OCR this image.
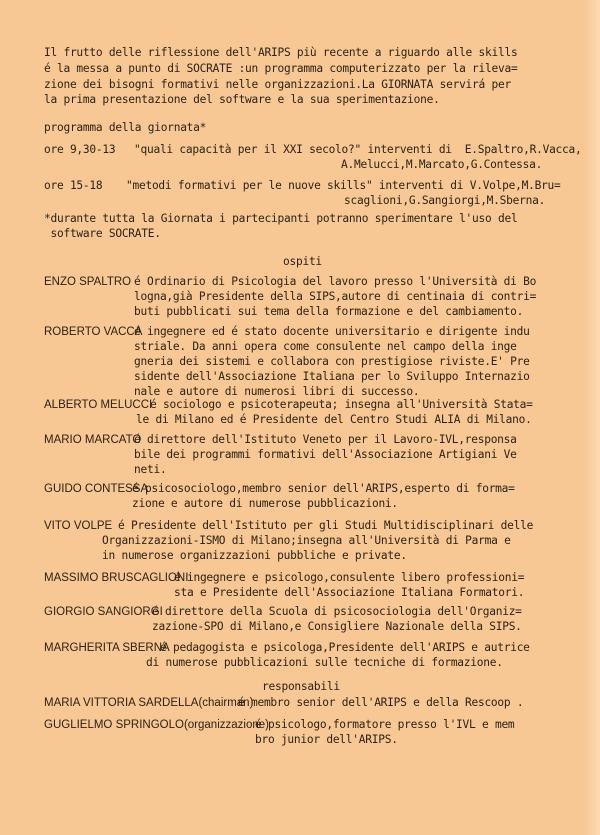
Il frutto delle riflessione dell'ARIPS più recente a riguardo alle skills
é la messa a punto di SOCRATE :un programma computerizzato per la rileva=
zione dei bisogni formativi nelle organizzazioni.La GIORNATA servirá per
la prima presentazione del software e la sua sperimentazione.
programma della giornata*
ore 9,30-13 "quali capacità per il XXI secolo?" interventi di  E.Spaltro,R.Vacca,
A.Melucci,M.Marcato,G.Contessa.
ore 15-18 "metodi formativi per le nuove skills" interventi di V.Volpe,M.Bru=
scaglioni,G.Sangiorgi,M.Sberna.
*durante tutta la Giornata i partecipanti potranno sperimentare l'uso del
software SOCRATE.
ospiti
ENZO SPALTRO é Ordinario di Psicologia del lavoro presso l'Università di Bo
logna,già Presidente della SIPS,autore di centinaia di contri=
buti pubblicati sui tema della formazione e del cambiamento.
ROBERTO VACCA
é ingegnere ed é stato docente universitario e dirigente indu
striale. Da anni opera come consulente nel campo della inge
gneria dei sistemi e collabora con prestigiose riviste.E' Pre
sidente dell'Associazione Italiana per lo Sviluppo Internazio
nale e autore di numerosi libri di successo.
ALBERTO MELUCCI
é sociologo e psicoterapeuta; insegna all'Università Stata=
le di Milano ed é Presidente del Centro Studi ALIA di Milano.
MARIO MARCATO
é direttore dell'Istituto Veneto per il Lavoro-IVL,responsa
bile dei programmi formativi dell'Associazione Artigiani Ve
neti.
GUIDO CONTESSA
é psicosociologo,membro senior dell'ARIPS,esperto di forma=
zione e autore di numerose pubblicazioni.
VITO VOLPE é Presidente dell'Istituto per gli Studi Multidisciplinari delle
Organizzazioni-ISMO di Milano;insegna all'Università di Parma e
in numerose organizzazioni pubbliche e private.
MASSIMO BRUSCAGLIONI
é ingegnere e psicologo,consulente libero professioni=
sta e Presidente dell'Associazione Italiana Formatori.
GIORGIO SANGIORGI
é direttore della Scuola di psicosociologia dell'Organiz=
zazione-SPO di Milano,e Consigliere Nazionale della SIPS.
MARGHERITA SBERNA
é pedagogista e psicologa,Presidente dell'ARIPS e autrice
di numerose pubblicazioni sulle tecniche di formazione.
responsabili
MARIA VITTORIA SARDELLA(chairman)
é membro senior dell'ARIPS e della Rescoop .
GUGLIELMO SPRINGOLO(organizzazione)
é psicologo,formatore presso l'IVL e mem
bro junior dell'ARIPS.
